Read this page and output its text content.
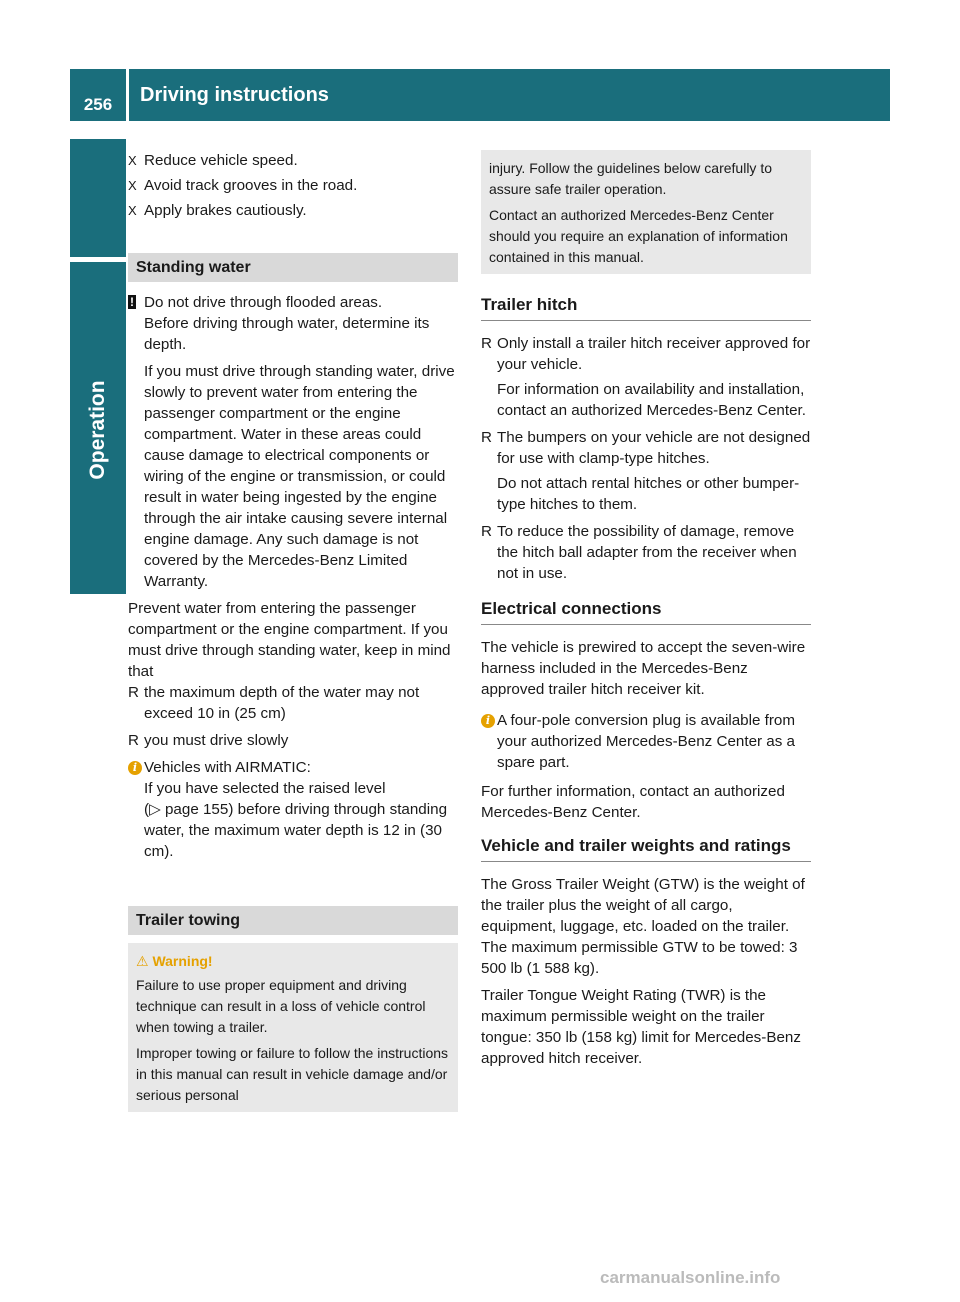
256	Driving instructions
Operation
X Reduce vehicle speed.
X Avoid track grooves in the road.
X Apply brakes cautiously.
Standing water
! Do not drive through flooded areas.
Before driving through water, determine its depth.
If you must drive through standing water, drive slowly to prevent water from entering the passenger compartment or the engine compartment. Water in these areas could cause damage to electrical components or wiring of the engine or transmission, or could result in water being ingested by the engine through the air intake causing severe internal engine damage. Any such damage is not covered by the Mercedes-Benz Limited Warranty.
Prevent water from entering the passenger compartment or the engine compartment. If you must drive through standing water, keep in mind that
R the maximum depth of the water may not exceed 10 in (25 cm)
R you must drive slowly
i Vehicles with AIRMATIC:
If you have selected the raised level
(▷ page 155) before driving through standing water, the maximum water depth is 12 in (30 cm).
Trailer towing
⚠ Warning!
Failure to use proper equipment and driving technique can result in a loss of vehicle control when towing a trailer.
Improper towing or failure to follow the instructions in this manual can result in vehicle damage and/or serious personal
injury. Follow the guidelines below carefully to assure safe trailer operation.
Contact an authorized Mercedes-Benz Center should you require an explanation of information contained in this manual.
Trailer hitch
R Only install a trailer hitch receiver approved for your vehicle.
For information on availability and installation, contact an authorized Mercedes-Benz Center.
R The bumpers on your vehicle are not designed for use with clamp-type hitches.
Do not attach rental hitches or other bumper-type hitches to them.
R To reduce the possibility of damage, remove the hitch ball adapter from the receiver when not in use.
Electrical connections
The vehicle is prewired to accept the seven-wire harness included in the Mercedes-Benz approved trailer hitch receiver kit.
i A four-pole conversion plug is available from your authorized Mercedes-Benz Center as a spare part.
For further information, contact an authorized Mercedes-Benz Center.
Vehicle and trailer weights and ratings
The Gross Trailer Weight (GTW) is the weight of the trailer plus the weight of all cargo, equipment, luggage, etc. loaded on the trailer. The maximum permissible GTW to be towed: 3 500 lb (1 588 kg).
Trailer Tongue Weight Rating (TWR) is the maximum permissible weight on the trailer tongue: 350 lb (158 kg) limit for Mercedes-Benz approved hitch receiver.
carmanualsonline.info
